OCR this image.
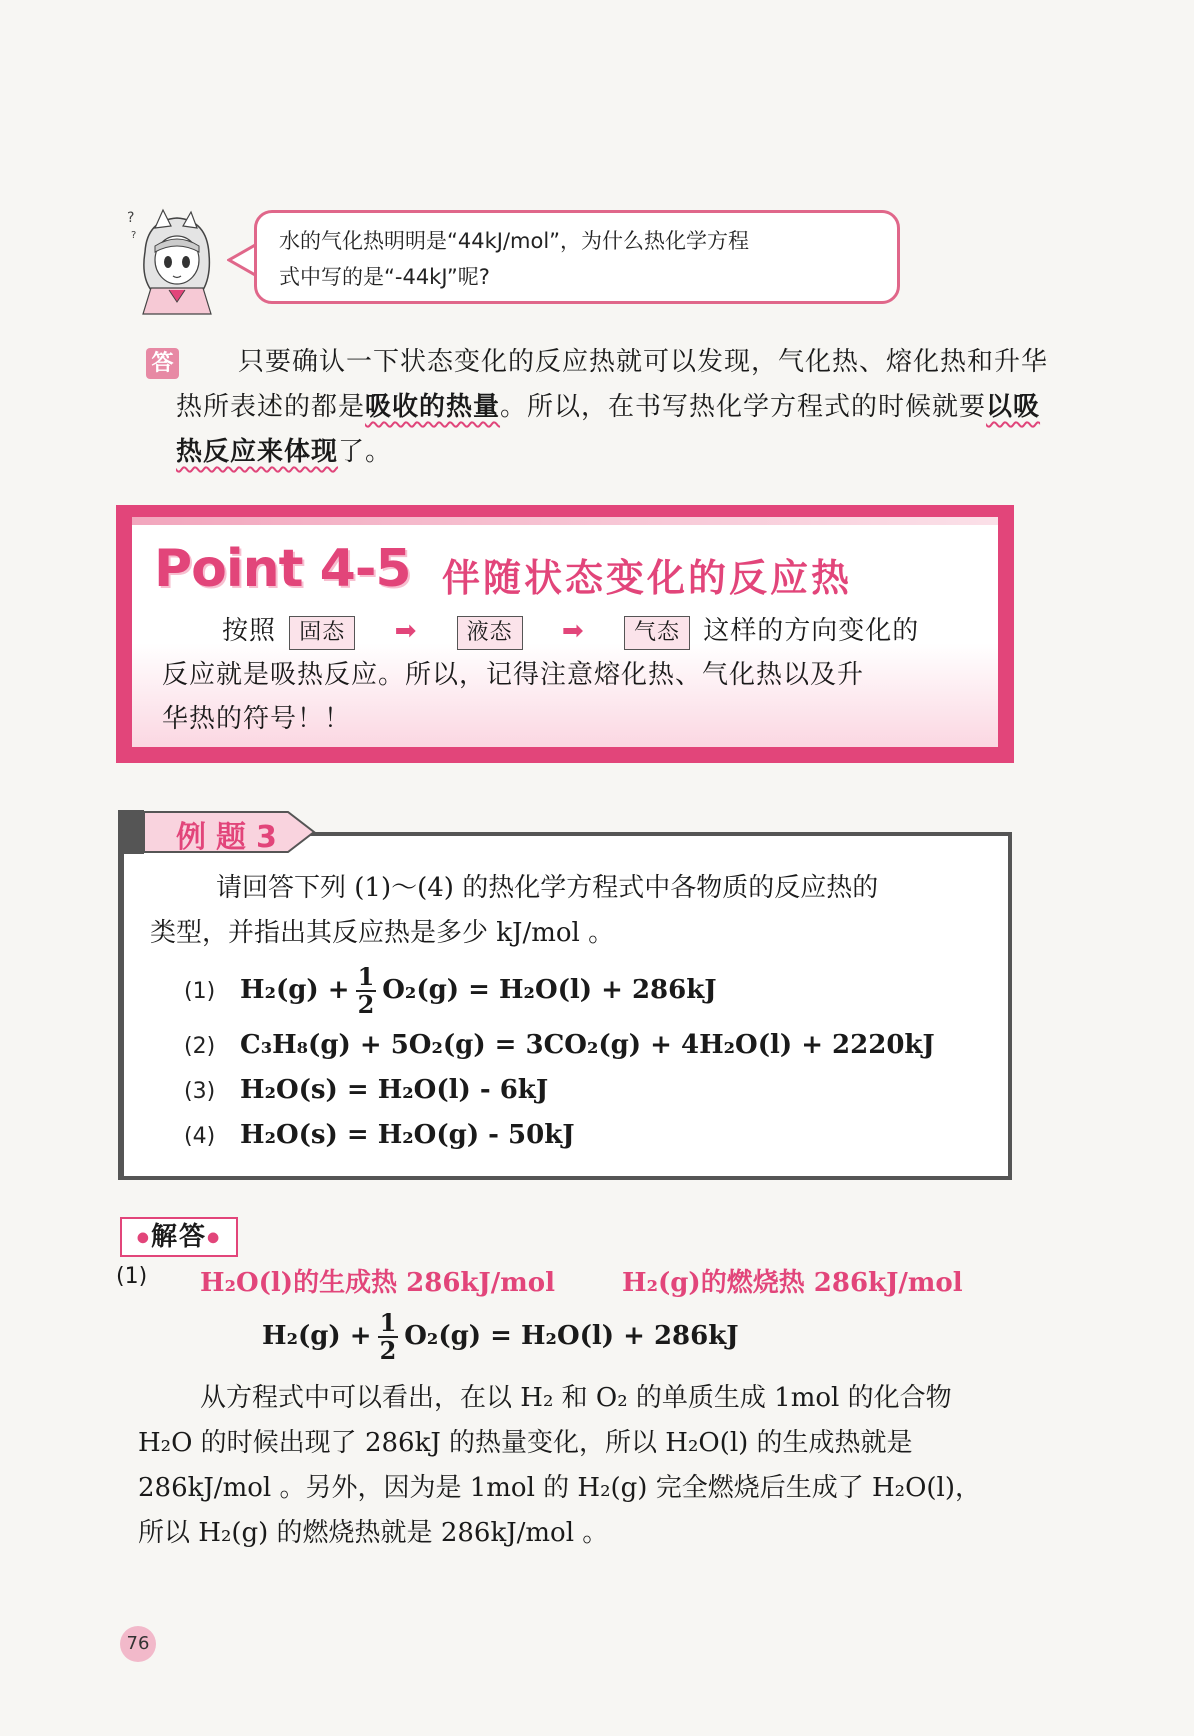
?
?	水的气化热明明是“44kJ/mol”，为什么热化学方程
式中写的是“-44kJ”呢?
答	只要确认一下状态变化的反应热就可以发现，气化热、熔化热和升华热所表述的都是吸收的热量。所以，在书写热化学方程式的时候就要以吸热反应来体现了。
Point 4-5 伴随状态变化的反应热
按照 固态 ➡ 液态 ➡ 气态 这样的方向变化的
反应就是吸热反应。所以，记得注意熔化热、气化热以及升
华热的符号！！
例题3
请回答下列 (1)～(4) 的热化学方程式中各物质的反应热的
类型，并指出其反应热是多少 kJ/mol 。
(1) $H_2(g) + \frac{1}{2} O_2(g) = H_2O(l) + 286kJ$
(2) C₃H₈(g) + 5O₂(g) = 3CO₂(g) + 4H₂O(l) + 2220kJ
(3) H₂O(s) = H₂O(l) - 6kJ
(4) H₂O(s) = H₂O(g) - 50kJ
●解答●
(1) H₂O(l)的生成热 286kJ/mol	H₂(g)的燃烧热 286kJ/mol
$H_2(g) + \frac{1}{2} O_2(g) = H_2O(l) + 286kJ$
从方程式中可以看出，在以 H₂ 和 O₂ 的单质生成 1mol 的化合物
H₂O 的时候出现了 286kJ 的热量变化，所以 H₂O(l) 的生成热就是
286kJ/mol 。另外，因为是 1mol 的 H₂(g) 完全燃烧后生成了 H₂O(l)，
所以 H₂(g) 的燃烧热就是 286kJ/mol 。
76
